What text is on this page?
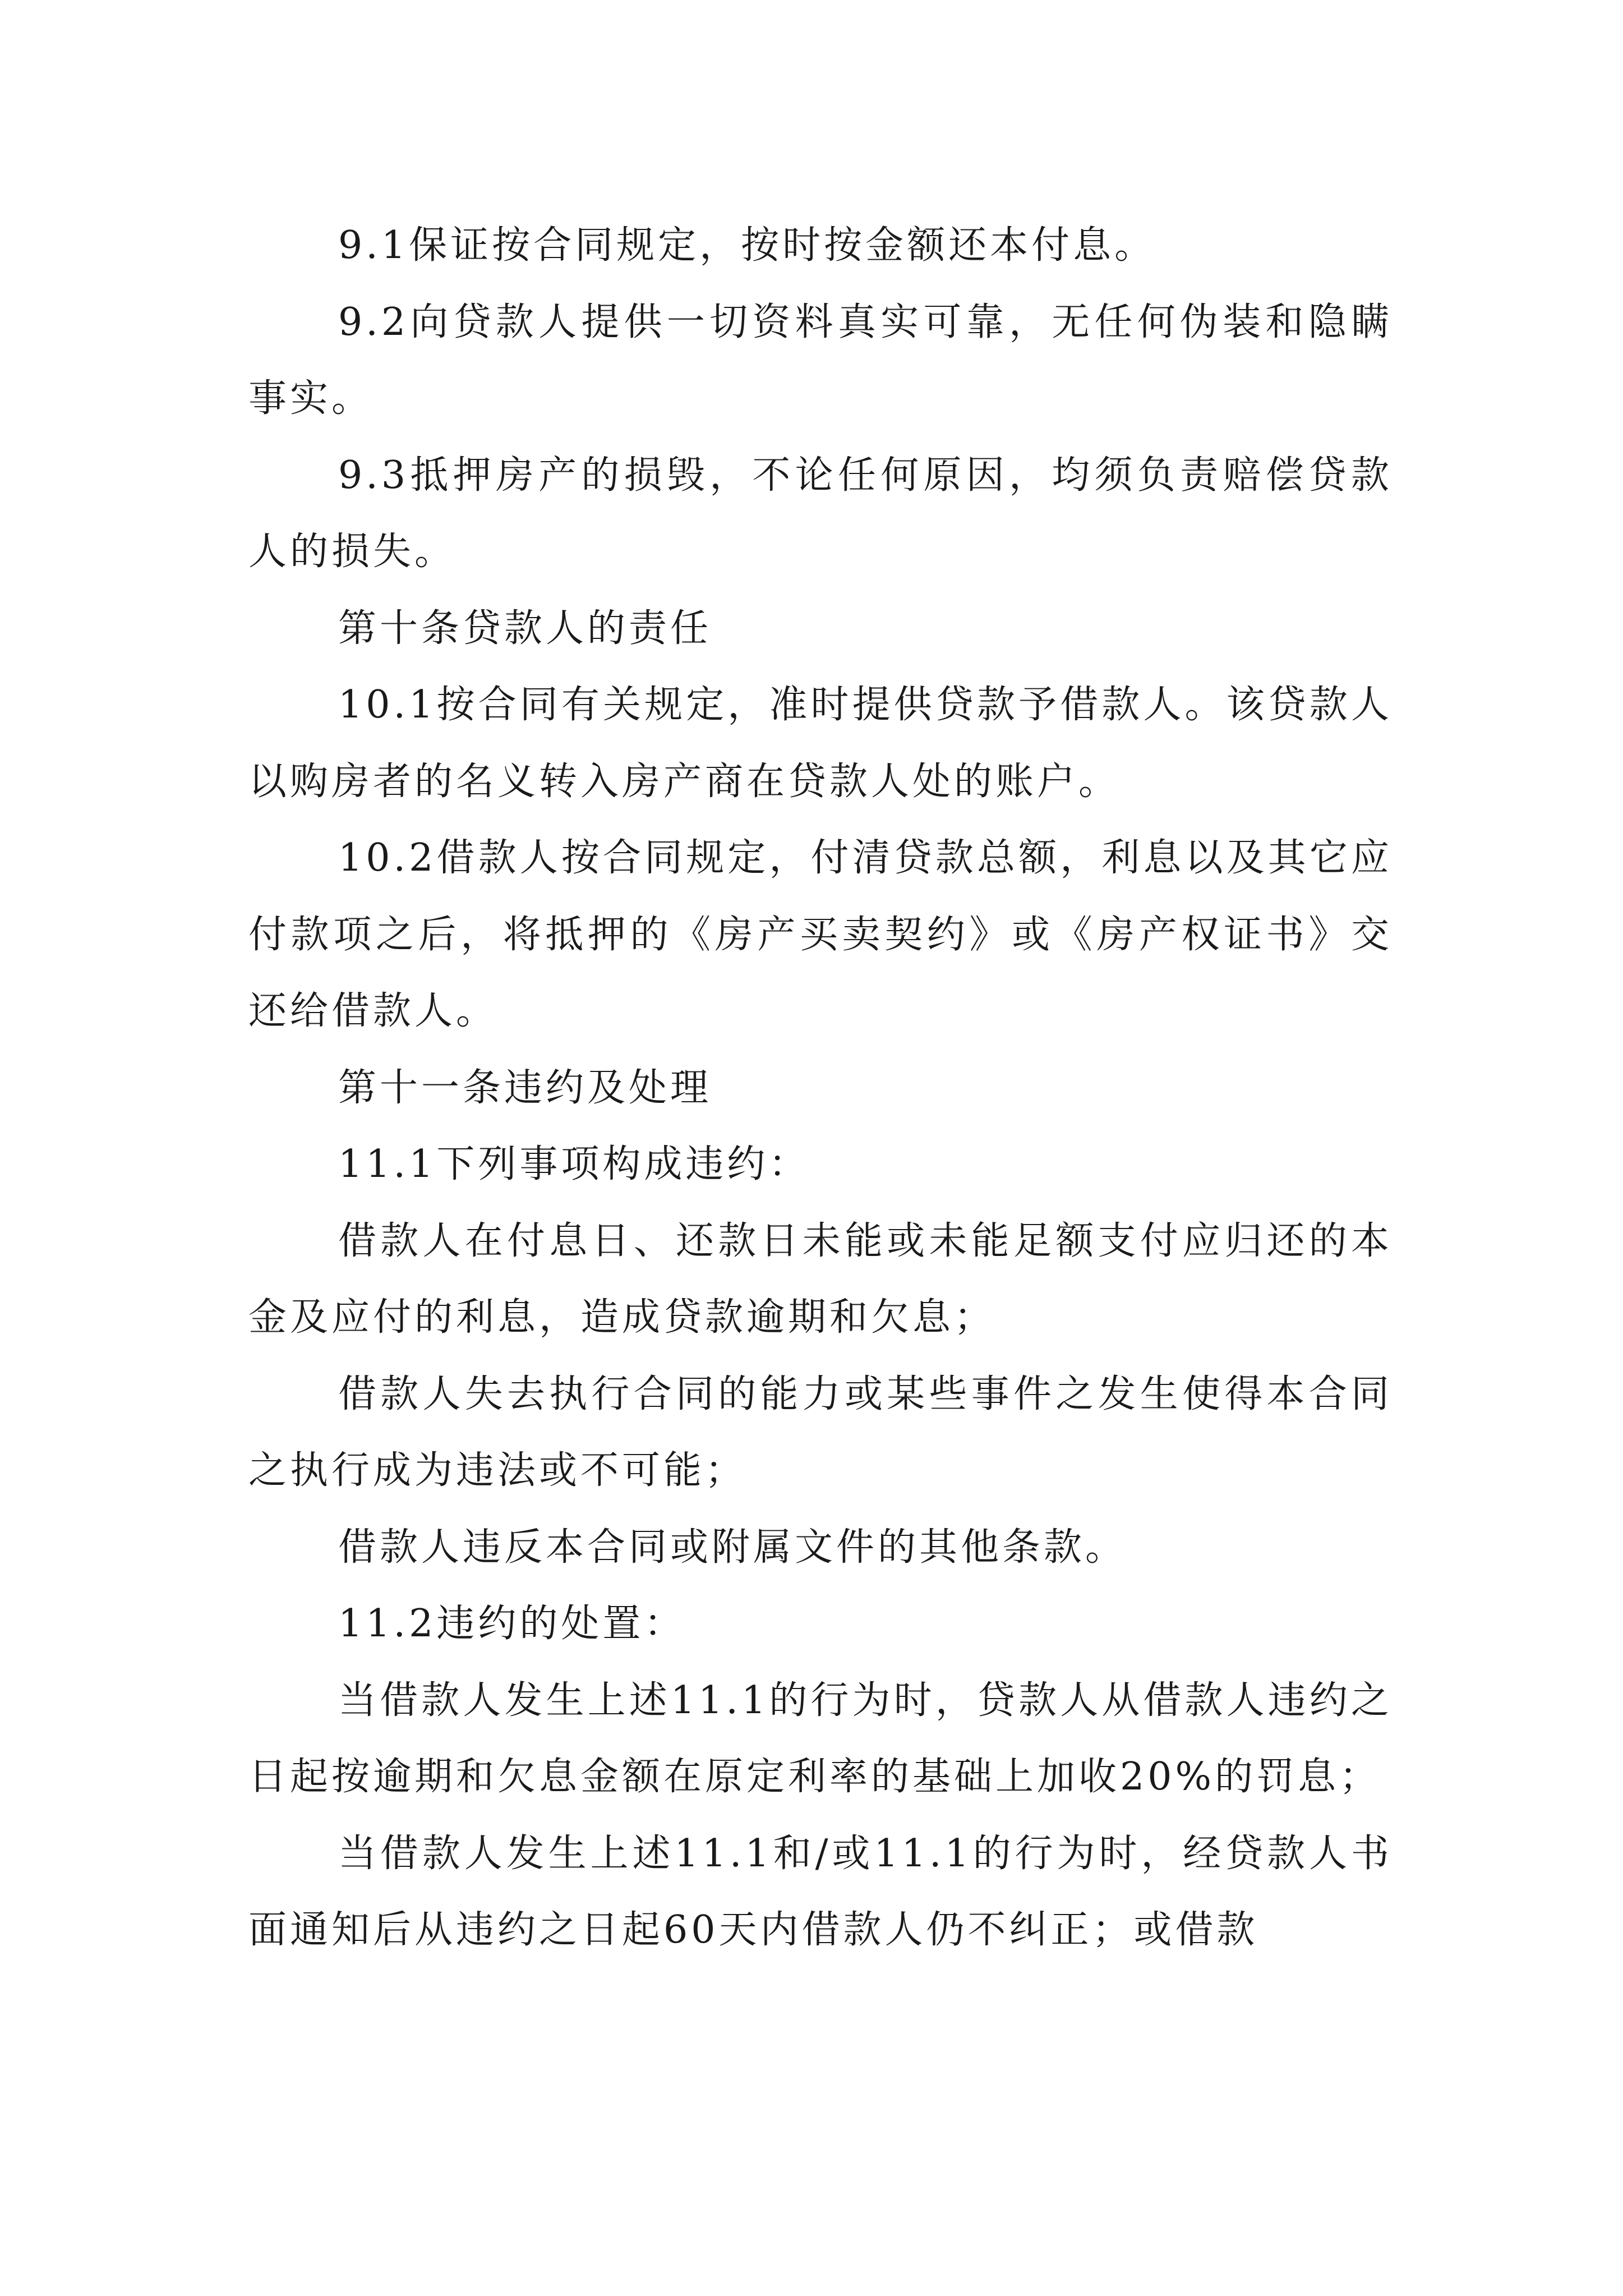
9.1保证按合同规定，按时按金额还本付息。

9.2向贷款人提供一切资料真实可靠，无任何伪装和隐瞒事实。

9.3抵押房产的损毁，不论任何原因，均须负责赔偿贷款人的损失。

第十条贷款人的责任

10.1按合同有关规定，准时提供贷款予借款人。该贷款人以购房者的名义转入房产商在贷款人处的账户。

10.2借款人按合同规定，付清贷款总额，利息以及其它应付款项之后，将抵押的《房产买卖契约》或《房产权证书》交还给借款人。

第十一条违约及处理

11.1下列事项构成违约：

借款人在付息日、还款日未能或未能足额支付应归还的本金及应付的利息，造成贷款逾期和欠息；

借款人失去执行合同的能力或某些事件之发生使得本合同之执行成为违法或不可能；

借款人违反本合同或附属文件的其他条款。

11.2违约的处置：

当借款人发生上述11.1的行为时，贷款人从借款人违约之日起按逾期和欠息金额在原定利率的基础上加收20%的罚息；

当借款人发生上述11.1和/或11.1的行为时，经贷款人书面通知后从违约之日起60天内借款人仍不纠正；或借款
